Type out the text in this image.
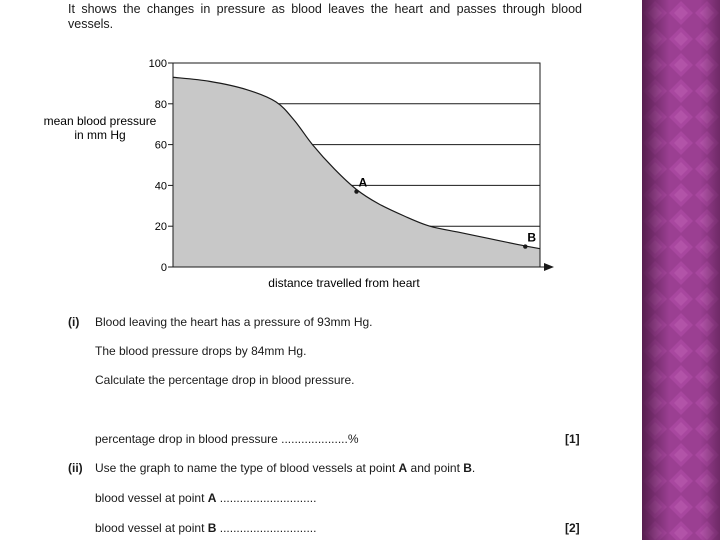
It shows the changes in pressure as blood leaves the heart and passes through blood vessels.
0
20
40
60
80
100
A
B
mean blood pressure
in mm Hg
distance travelled from heart
(i) Blood leaving the heart has a pressure of 93mm Hg.
The blood pressure drops by 84mm Hg.
Calculate the percentage drop in blood pressure.
percentage drop in blood pressure ....................%	[1]
(ii) Use the graph to name the type of blood vessels at point A and point B.
blood vessel at point A .............................
blood vessel at point B .............................	[2]
